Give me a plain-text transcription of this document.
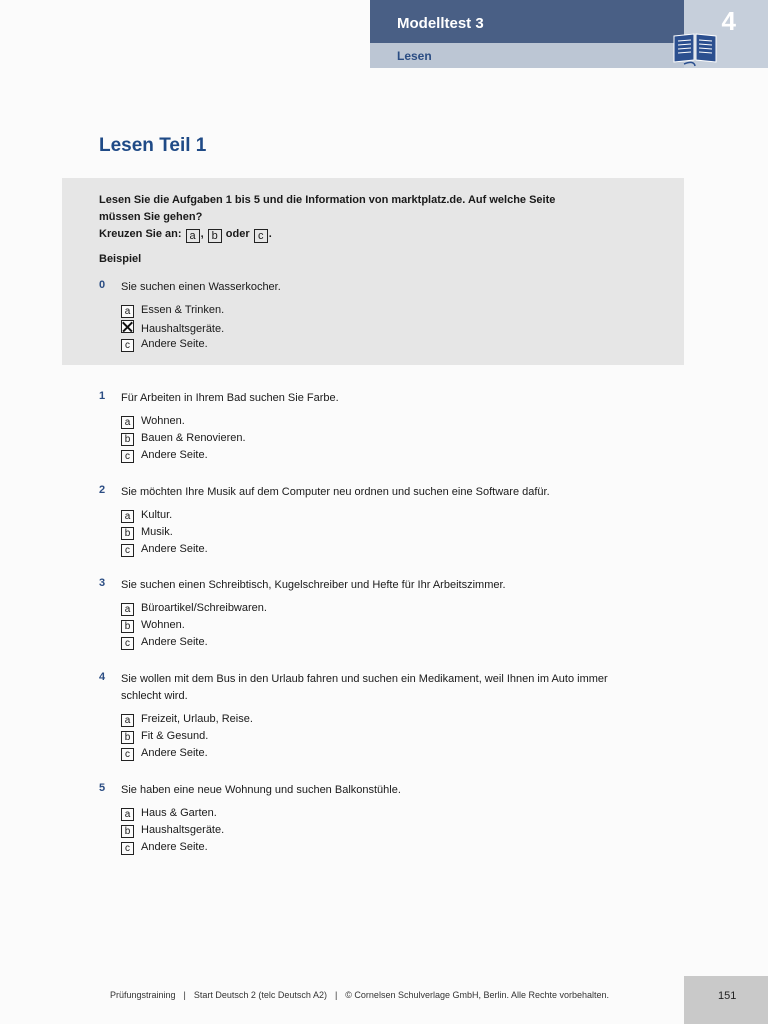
Modelltest 3
Lesen
4
Lesen Teil 1
Lesen Sie die Aufgaben 1 bis 5 und die Information von marktplatz.de. Auf welche Seite
müssen Sie gehen?
Kreuzen Sie an: a , b oder c .
Beispiel
0 Sie suchen einen Wasserkocher.
a Essen & Trinken.
Haushaltsgeräte.
c Andere Seite.
1 Für Arbeiten in Ihrem Bad suchen Sie Farbe.
a Wohnen.
b Bauen & Renovieren.
c Andere Seite.
2 Sie möchten Ihre Musik auf dem Computer neu ordnen und suchen eine Software dafür.
a Kultur.
b Musik.
c Andere Seite.
3 Sie suchen einen Schreibtisch, Kugelschreiber und Hefte für Ihr Arbeitszimmer.
a Büroartikel/Schreibwaren.
b Wohnen.
c Andere Seite.
4 Sie wollen mit dem Bus in den Urlaub fahren und suchen ein Medikament, weil Ihnen im Auto immer schlecht wird.
a Freizeit, Urlaub, Reise.
b Fit & Gesund.
c Andere Seite.
5 Sie haben eine neue Wohnung und suchen Balkonstühle.
a Haus & Garten.
b Haushaltsgeräte.
c Andere Seite.
Prüfungstraining | Start Deutsch 2 (telc Deutsch A2) | © Cornelsen Schulverlage GmbH, Berlin. Alle Rechte vorbehalten.	151
